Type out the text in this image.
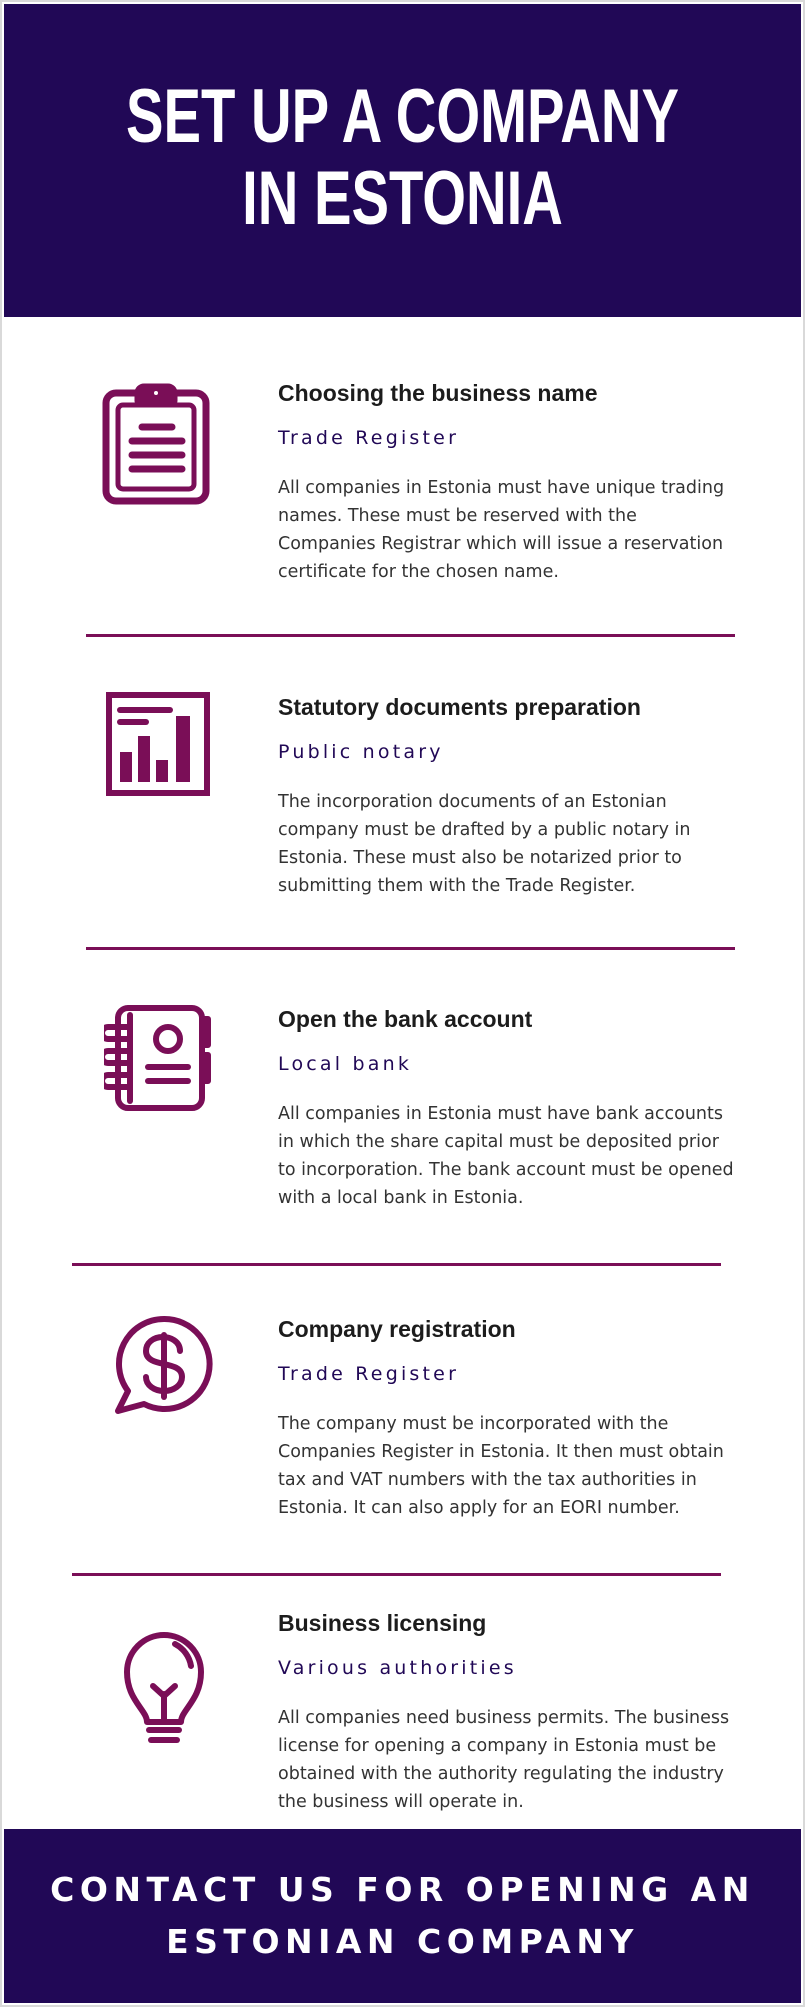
SET UP A COMPANY IN ESTONIA
Choosing the business name
Trade Register
All companies in Estonia must have unique trading names. These must be reserved with the Companies Registrar which will issue a reservation certificate for the chosen name.
Statutory documents preparation
Public notary
The incorporation documents of an Estonian company must be drafted by a public notary in Estonia. These must also be notarized prior to submitting them with the Trade Register.
Open the bank account
Local bank
All companies in Estonia must have bank accounts in which the share capital must be deposited prior to incorporation. The bank account must be opened with a local bank in Estonia.
Company registration
Trade Register
The company must be incorporated with the Companies Register in Estonia. It then must obtain tax and VAT numbers with the tax authorities in Estonia. It can also apply for an EORI number.
Business licensing
Various authorities
All companies need business permits. The business license for opening a company in Estonia must be obtained with the authority regulating the industry the business will operate in.

CONTACT US FOR OPENING AN ESTONIAN COMPANY
